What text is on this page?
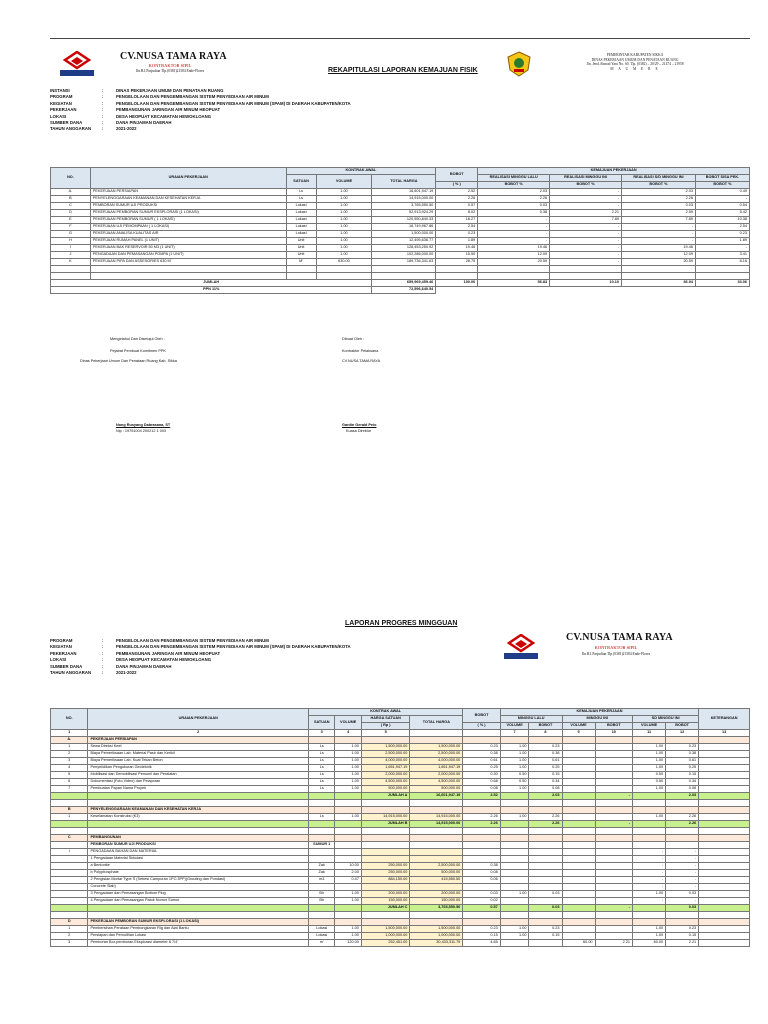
CV.NUSA TAMA RAYA
KONTRAKTOR SIPIL
Jln.R.I.Pasjudian Tlp.(0381)21584 Ende-Flores	REKAPITULASI LAPORAN KEMAJUAN FISIK
PEMERINTAH KABUPATEN SIKKA
DINAS PEKERJAAN UMUM DAN PENATAAN RUANG
Jln. Jend.Ahmad Yani No. 60. Tlp. (0382) – 20/29 – 21474 – 21958
M A U M E R E
INSTANSI	:	DINAS PEKERJAAN UMUM DAN PENATAAN RUANG
PROGRAM	:	PENGELOLAAN DAN PENGEMBANGAN SISTEM PENYEDIAAN AIR MINUM
KEGIATAN	:	PENGELOLAAN DAN PENGEMBANGAN SISTEM PENYEDIAAN AIR MINUM (SPAM) DI DAERAH KABUPATEN/KOTA
PEKERJAAN	:	PEMBANGUNAN JARINGAN AIR MINUM HEOPUAT
LOKASI	:	DESA HEOPUAT KECAMATAN HEWOKLOANG
SUMBER DANA	:	DANA PINJAMAN DAERAH
TAHUN ANGGARAN	:	2021-2022
NO.	URAIAN PEKERJAAN	KONTRAK AWAL			BOBOT	KEMAJUAN PEKERJAAN			
		SATUAN	VOLUME	TOTAL HARGA		REALISASI MINGGU LALU	REALISASI MINGGU INI	REALISASI S/D MINGGU INI	BOBOT SISA PEK.
					( % )	BOBOT %	BOBOT %	BOBOT %	BOBOT %
A.	PEKERJAAN PERSIAPAN	Ls	1.00	16,601,947.19	2.52	2.03	-	2.03	0.49
B	PENYELENGGARAAN KEAMANAN DAN KESEHATAN KERJA	Ls	1.00	14,915,000.00	2.26	2.26	-	2.26	-
C	PEMBORAN SUMUR UJI PRODUKSI	Lokasi	1.00	3,765,550.50	0.57	0.03	-	0.03	0.54
D	PEKERJAAN PEMBORAN SUMUR EKSPLORASI (1 LOKASI)	Lokasi	1.00	52,913,924.29	8.02	0.38	2.21	2.59	5.42
E	PEKERJAAN PEMBORAN SUMUR ( 1 LOKASI)	Lokasi	1.00	120,550,840.33	18.27	-	7.89	7.89	10.38
F	PEKERJAAN UJI PEMOMPAAN ( 1 LOKASI)	Lokasi	1.00	16,749,967.86	2.54	-	-	-	2.54
G	PEKERJAAN ANALISA KUALITAS AIR	Lokasi	1.00	1,500,000.00	0.23	-	-	-	0.23
H	PEKERJAAN RUMAH PANEL (1 UNIT)	Unit	1.00	12,495,636.77	1.89	-	-	-	1.89
I	PEKERJAAN BAK RESERVOIR 50 M3 (1 UNIT)	Unit	1.00	128,453,250.92	19.46	19.46	-	19.46	-
J	PENGADAAN DAN PEMASANGAN POMPA (1 UNIT)	Unit	1.00	102,286,000.00	15.50	12.09	-	12.09	3.41
K	PEKERJAAN PIPA DAN ASSESORIES 630 M'	M'	630.00	189,736,341.63	28.75	20.59	-	20.59	8.16

JUMLAH				659,969,459.46	100.00	56.83	10.10	66.94	33.06
PPN 11%				72,596,640.54					
Mengetahui Dan Disetujui Oleh :
Pejabat Pembuat Komitmen PPK
Dinas Pekerjaan Umum Dan Penataan Ruang Kab. Sikka
Nong Rusyang Dabrasana, ST
Nip : 19751004 200212 1 003
Dibuat Oleh :
Kontraktor Pelaksana
CV.NUSA TAMA RAYA
Gardin Gerald Pelo
Kuasa Direktur
LAPORAN PROGRES MINGGUAN
PROGRAM	:	PENGELOLAAN DAN PENGEMBANGAN SISTEM PENYEDIAAN AIR MINUM
KEGIATAN	:	PENGELOLAAN DAN PENGEMBANGAN SISTEM PENYEDIAAN AIR MINUM (SPAM) DI DAERAH KABUPATEN/KOTA
PEKERJAAN	:	PEMBANGUNAN JARINGAN AIR MINUM HEOPUAT
LOKASI	:	DESA HEOPUAT KECAMATAN HEWOKLOANG
SUMBER DANA	:	DANA PINJAMAN DAERAH
TAHUN ANGGARAN	:	2021-2022
CV.NUSA TAMA RAYA
KONTRAKTOR SIPIL
Jln.R.I.Pasjudian Tlp.(0381)21584 Ende-Flores
NO.	URAIAN PEKERJAAN	KONTRAK AWAL				BOBOT	KEMAJUAN PEKERJAAN						KETERANGAN
		SATUAN	VOLUME	HARGA SATUAN	TOTAL HARGA		MINGGU LALU		MINGGU INI		SD MINGGU INI		
				( Rp )		( % )	VOLUME	BOBOT	VOLUME	BOBOT	VOLUME	BOBOT	
1	2	3	4	5			7	8	9	10	11	12	13
A.	PEKERJAAN PERSIAPAN												
1	Sewa Direksi Keet	Ls	1.00	1,500,000.00	1,500,000.00	0.23	1.00	0.23			1.00	0.23	
2	Biaya Pemeriksaan Lab. Material Pasir dan Kerikil	Ls	1.00	2,500,000.00	2,500,000.00	0.38	1.00	0.38			1.00	0.38	
3	Biaya Pemeriksaan Lab. Kuat Tekan Beton	Ls	1.00	4,000,000.00	4,000,000.00	0.61	1.00	0.61			1.00	0.61	
4	Penyelidikan Pengukuran Geoteknik	Ls	1.00	1,651,947.19	1,651,947.19	0.25	1.00	0.25			1.00	0.25	
5	Mobilisasi dan Demobilisasi Personil dan Peralatan	Ls	1.00	2,000,000.00	2,000,000.00	0.30	0.50	0.15			0.50	0.15	
6	Dokumentasi (Foto,Video) dan Pelaporan	Ls	1.00	4,500,000.00	4,500,000.00	0.68	0.50	0.34			0.50	0.34	
7	Pembuatan Papan Nama Proyek	Ls	1.00	500,000.00	500,000.00	0.08	1.00	0.08			1.00	0.08	
				JUMLAH A	16,601,947.19	2.52		2.03		-		2.03	

B	PENYELENGGARAAN KEAMANAN DAN KESEHATAN KERJA												
1	Keselamatan Konstruksi (K3)	Ls	1.00	14,915,000.00	14,915,000.00	2.26	1.00	2.26			1.00	2.26	
				JUMLAH B	14,915,000.00	2.26		2.26		-		2.26	

C	PEMBANGUNAN												
	PEMBORAN SUMUR UJI PRODUKSI	SUMUR 1											
I	PENGADAAN BAHAN DAN MATERIAL										-	-	
	1 Pengadaan Material Sirkulasi										-	-	
	a Bentonite	Zak	10.00	250,000.00	2,500,000.00	0.38					-	-	
	b Polyphosphate	Zak	2.00	250,000.00	500,000.00	0.08					-	-	
	2 Pengisian Mortar Type S (Sebesi Campuran 1PC:3PP)(Grouting dan Pondasi)	m3	0.47	884,150.00	415,550.50	0.06					-	-	
	Concrete Slab)										-	-	
	3 Pengadaan dan Pemasangan Bottom Plug	Bh	1.00	200,000.00	200,000.00	0.03	1.00	0.03			1.00	0.03	
	4 Pengadaan dan Pemasangan Patok Nomor Sumur	Bh	1.00	150,000.00	150,000.00	0.02					-	-	
				JUMLAH C	3,765,550.50	0.57		0.03		-		0.03	

D	PEKERJAAN PEMBORAN SUMUR EKSPLORASI (1 LOKASI)												
1	Pembersihan,Perataan Pembongkaran Rig dan Alat Bantu	Lokasi	1.00	1,500,000.00	1,500,000.00	0.23	1.00	0.23			1.00	0.23	
2	Persiapan dan Pemulihan Lokasi	Lokasi	1.00	1,000,000.00	1,000,000.00	0.15	1.00	0.15			1.00	0.15	
3	Pemboran Bor-pemboran Eksplorasi diameter 8 7/4'	m'	120.00	252,451.00	30,433,311.79	4.65			60.00	2.21	60.00	2.21	
